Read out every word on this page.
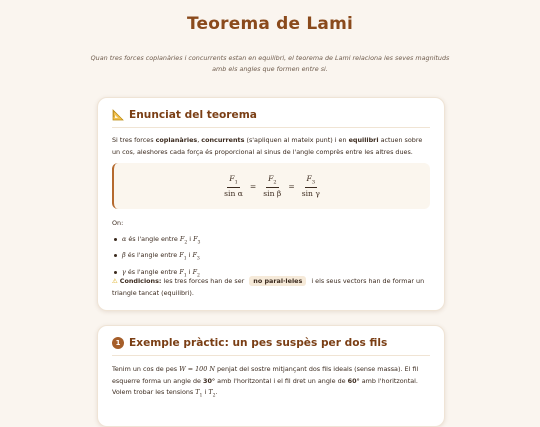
Teorema de Lami
Quan tres forces coplanàries i concurrents estan en equilibri, el teorema de Lami relaciona les seves magnituds amb els angles que formen entre si.
Enunciat del teorema
Si tres forces coplanàries, concurrents (s'apliquen al mateix punt) i en equilibri actuen sobre un cos, aleshores cada força és proporcional al sinus de l'angle comprès entre les altres dues.
$\frac{F_1}{\text{sin α}} = \frac{F_2}{\text{sin β}} = \frac{F_3}{\text{sin γ}}$
On:
α és l'angle entre $F_2$ i $F_3$
β és l'angle entre $F_1$ i $F_3$
γ és l'angle entre $F_1$ i $F_2$
⚠ Condicions: les tres forces han de ser no paral·leles i els seus vectors han de formar un triangle tancat (equilibri).
1 Exemple pràctic: un pes suspès per dos fils
Tenim un cos de pes W = 100 N penjat del sostre mitjançant dos fils ideals (sense massa). El fil esquerre forma un angle de 30° amb l'horitzontal i el fil dret un angle de 60° amb l'horitzontal. Volem trobar les tensions $T_1$ i $T_2$.
